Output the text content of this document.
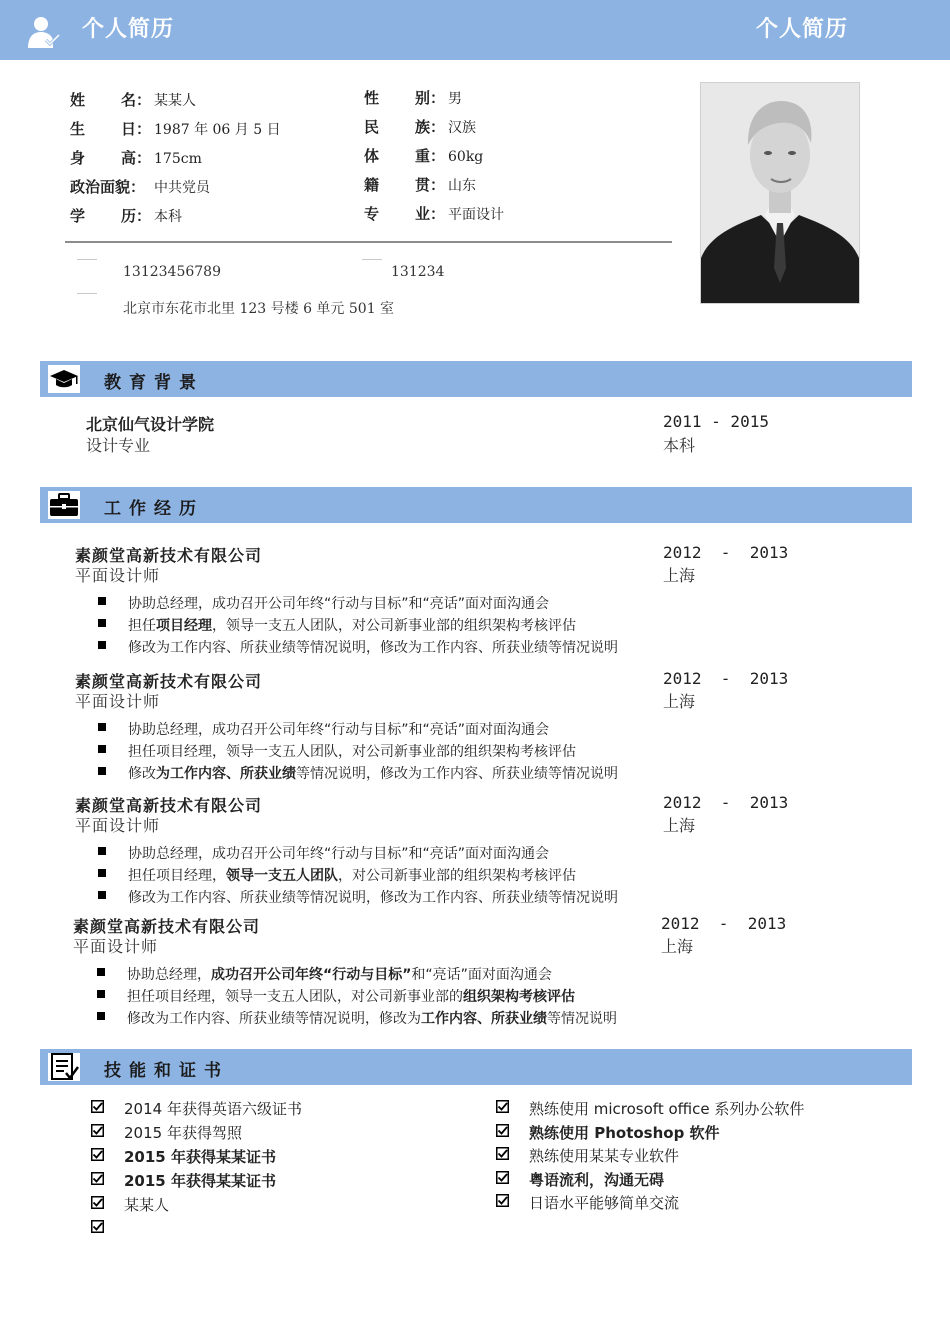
个人简历	个人简历
姓 名： 某某人
生 日： 1987 年 06 月 5 日
身 高： 175cm
政治面貌： 中共党员
学 历： 本科
性 别： 男
民 族： 汉族
体 重： 60kg
籍 贯： 山东
专 业： 平面设计
13123456789	131234
北京市东花市北里 123 号楼 6 单元 501 室
教育背景
北京仙气设计学院
设计专业
2011 - 2015
本科
工作经历
素颜堂高新技术有限公司
平面设计师
2012  -  2013
上海
协助总经理，成功召开公司年终“行动与目标”和“亮话”面对面沟通会
担任项目经理，领导一支五人团队，对公司新事业部的组织架构考核评估
修改为工作内容、所获业绩等情况说明，修改为工作内容、所获业绩等情况说明
素颜堂高新技术有限公司
平面设计师
2012  -  2013
上海
协助总经理，成功召开公司年终“行动与目标”和“亮话”面对面沟通会
担任项目经理，领导一支五人团队，对公司新事业部的组织架构考核评估
修改为工作内容、所获业绩等情况说明，修改为工作内容、所获业绩等情况说明
素颜堂高新技术有限公司
平面设计师
2012  -  2013
上海
协助总经理，成功召开公司年终“行动与目标”和“亮话”面对面沟通会
担任项目经理，领导一支五人团队，对公司新事业部的组织架构考核评估
修改为工作内容、所获业绩等情况说明，修改为工作内容、所获业绩等情况说明
素颜堂高新技术有限公司
平面设计师
2012  -  2013
上海
协助总经理，成功召开公司年终“行动与目标”和“亮话”面对面沟通会
担任项目经理，领导一支五人团队，对公司新事业部的组织架构考核评估
修改为工作内容、所获业绩等情况说明，修改为工作内容、所获业绩等情况说明
技能和证书
2014 年获得英语六级证书
2015 年获得驾照
2015 年获得某某证书
2015 年获得某某证书
某某人
熟练使用 microsoft office 系列办公软件
熟练使用 Photoshop 软件
熟练使用某某专业软件
粤语流利，沟通无碍
日语水平能够简单交流
